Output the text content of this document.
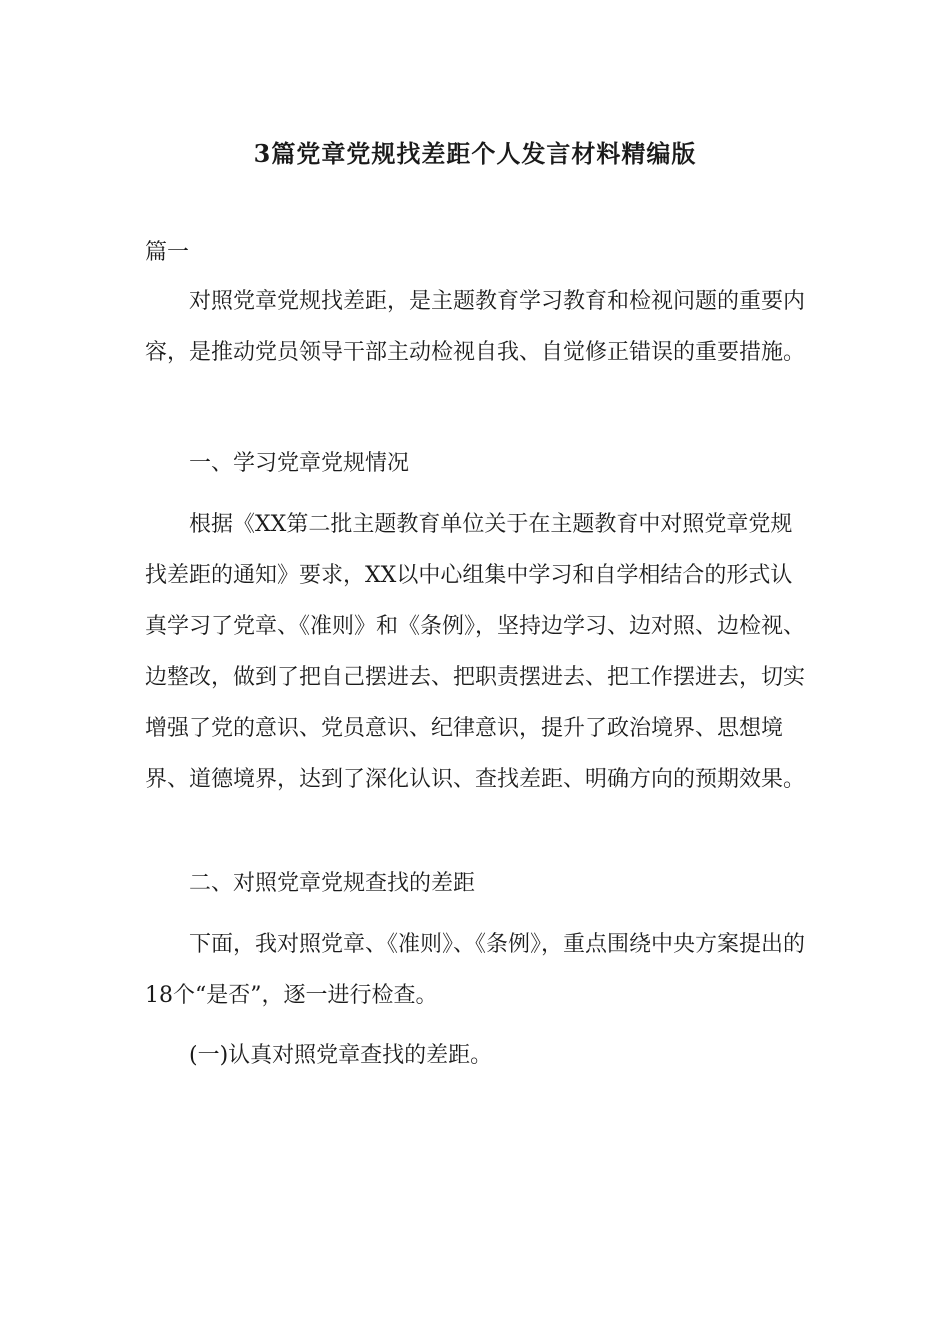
3篇党章党规找差距个人发言材料精编版

篇一

对照党章党规找差距，是主题教育学习教育和检视问题的重要内容，是推动党员领导干部主动检视自我、自觉修正错误的重要措施。

一、学习党章党规情况

根据《XX第二批主题教育单位关于在主题教育中对照党章党规找差距的通知》要求，XX以中心组集中学习和自学相结合的形式认真学习了党章、《准则》和《条例》，坚持边学习、边对照、边检视、边整改，做到了把自己摆进去、把职责摆进去、把工作摆进去，切实增强了党的意识、党员意识、纪律意识，提升了政治境界、思想境界、道德境界，达到了深化认识、查找差距、明确方向的预期效果。

二、对照党章党规查找的差距

下面，我对照党章、《准则》、《条例》，重点围绕中央方案提出的18个“是否”，逐一进行检查。

(一)认真对照党章查找的差距。
